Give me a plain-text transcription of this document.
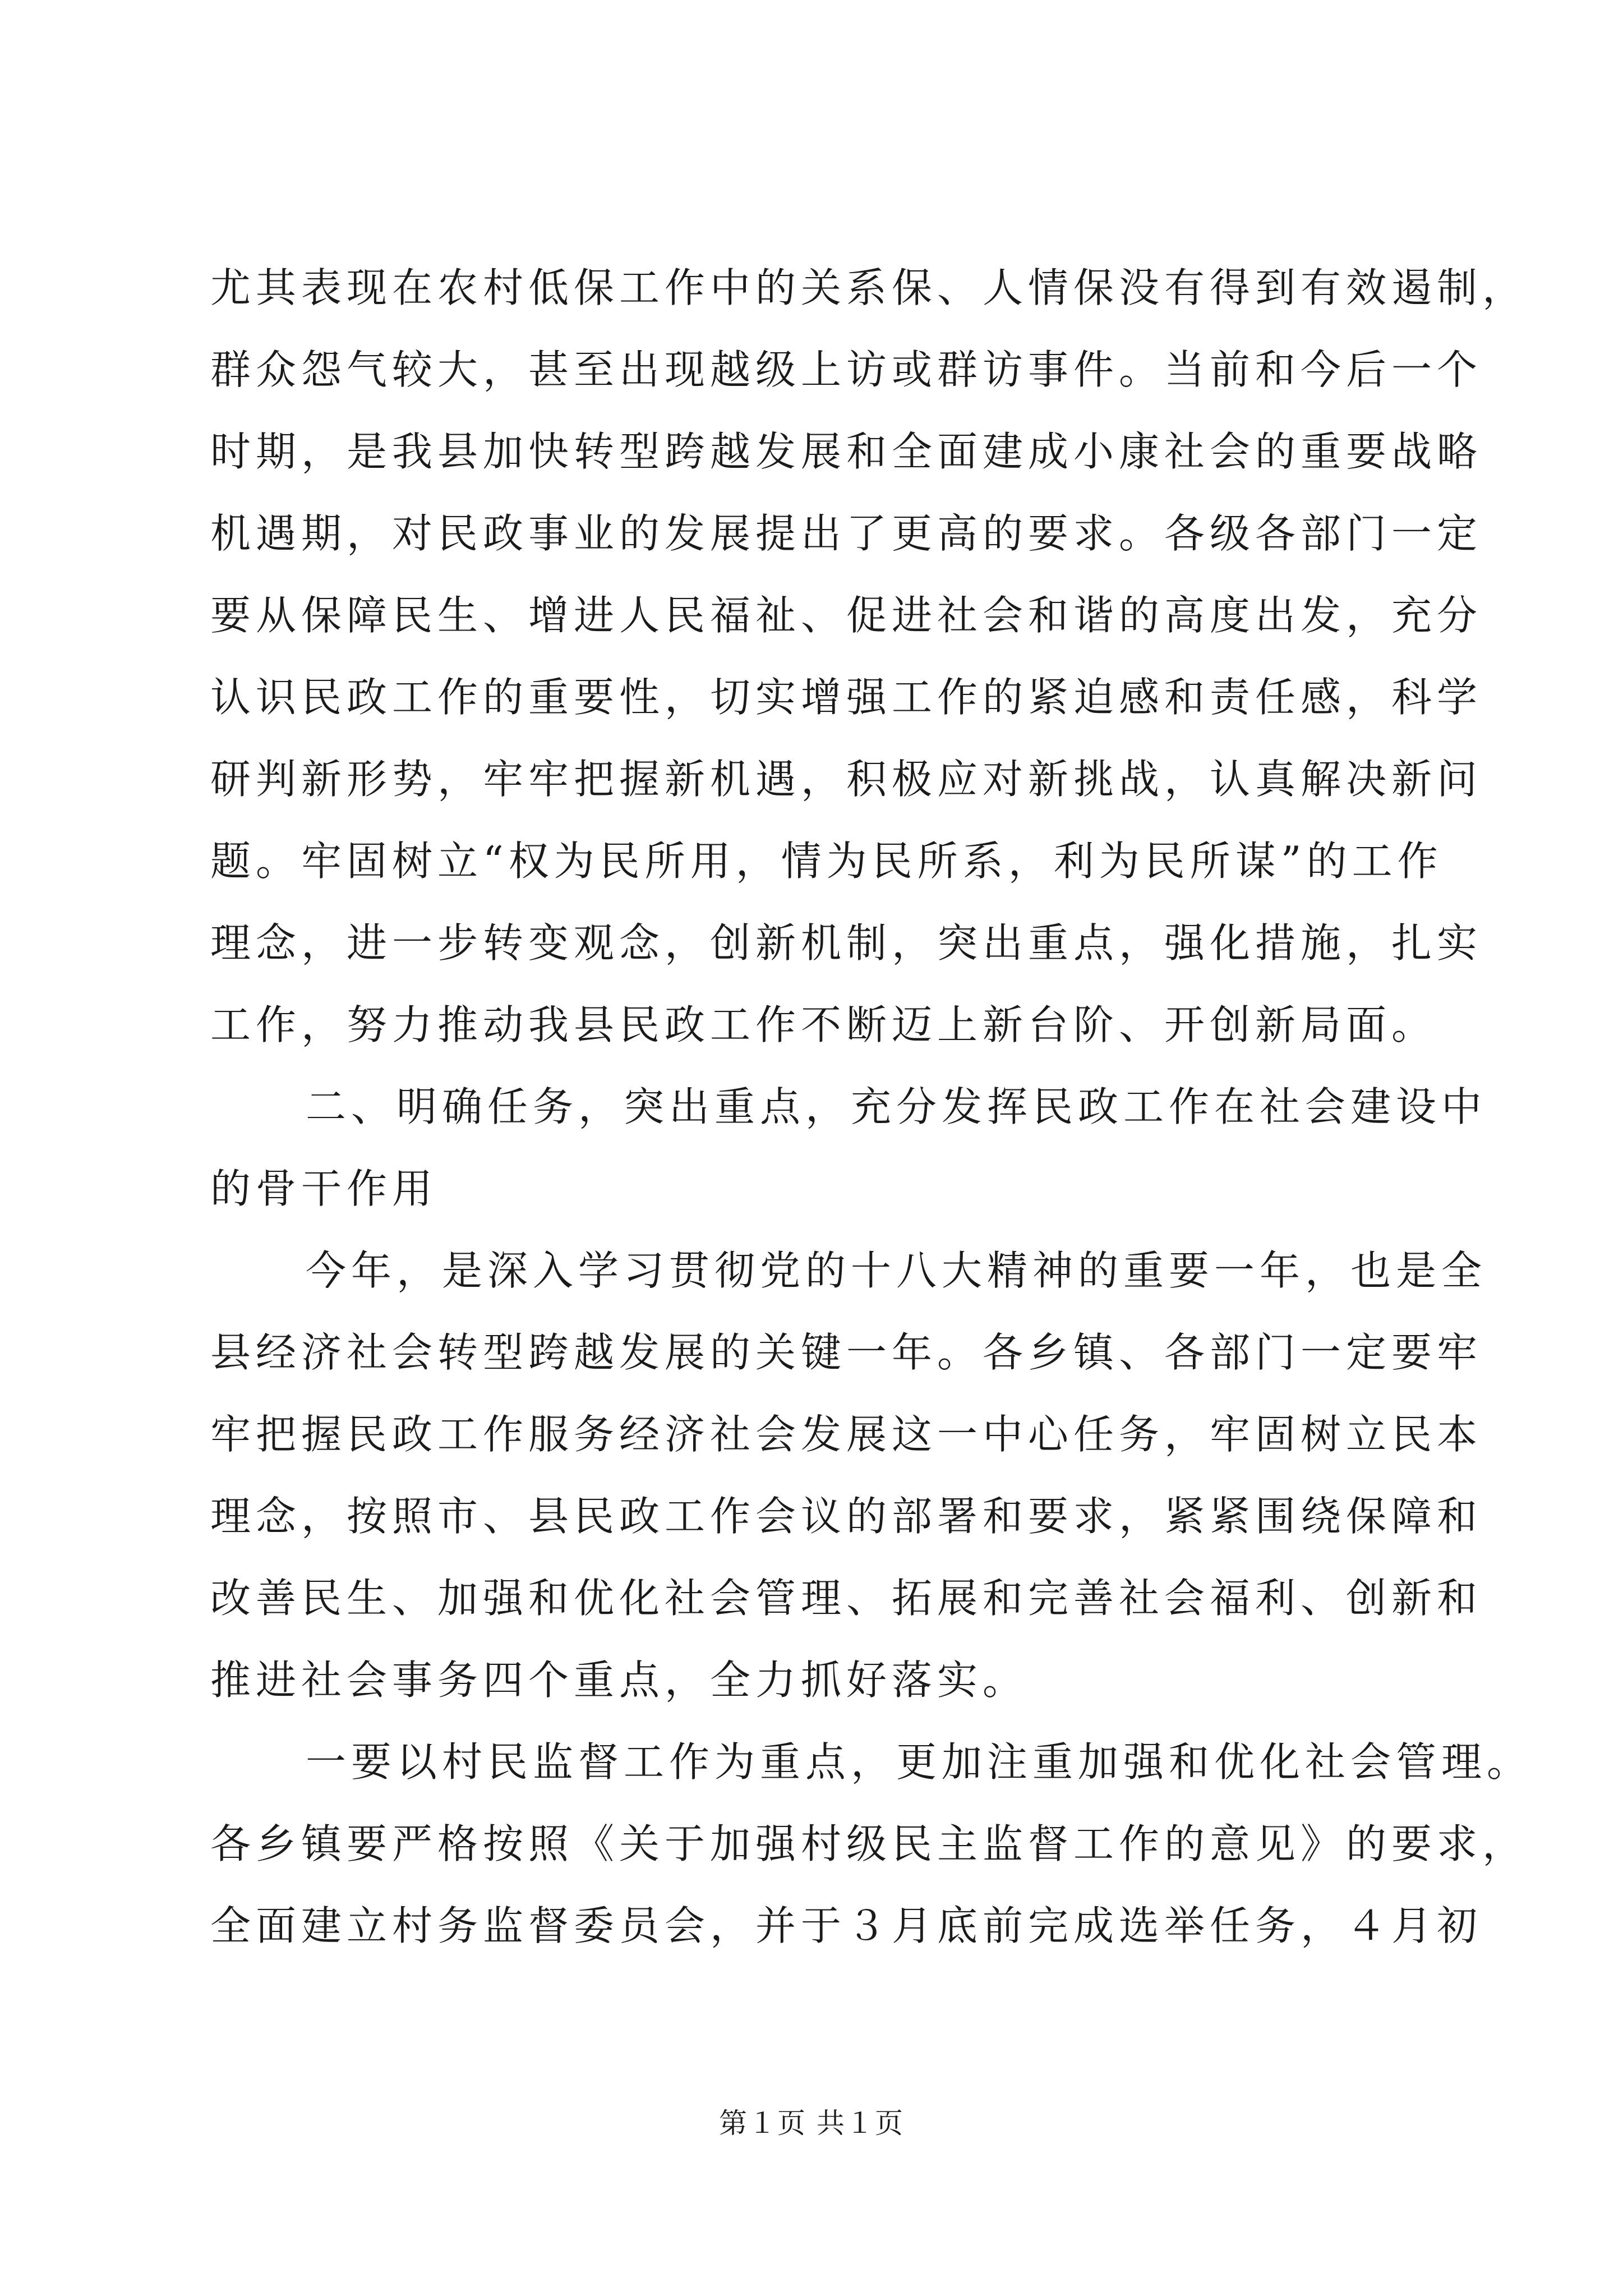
尤其表现在农村低保工作中的关系保、人情保没有得到有效遏制，
群众怨气较大，甚至出现越级上访或群访事件。当前和今后一个
时期，是我县加快转型跨越发展和全面建成小康社会的重要战略
机遇期，对民政事业的发展提出了更高的要求。各级各部门一定
要从保障民生、增进人民福祉、促进社会和谐的高度出发，充分
认识民政工作的重要性，切实增强工作的紧迫感和责任感，科学
研判新形势，牢牢把握新机遇，积极应对新挑战，认真解决新问
题。牢固树立“权为民所用，情为民所系，利为民所谋”的工作
理念，进一步转变观念，创新机制，突出重点，强化措施，扎实
工作，努力推动我县民政工作不断迈上新台阶、开创新局面。
二、明确任务，突出重点，充分发挥民政工作在社会建设中
的骨干作用
今年，是深入学习贯彻党的十八大精神的重要一年，也是全
县经济社会转型跨越发展的关键一年。各乡镇、各部门一定要牢
牢把握民政工作服务经济社会发展这一中心任务，牢固树立民本
理念，按照市、县民政工作会议的部署和要求，紧紧围绕保障和
改善民生、加强和优化社会管理、拓展和完善社会福利、创新和
推进社会事务四个重点，全力抓好落实。
一要以村民监督工作为重点，更加注重加强和优化社会管理。
各乡镇要严格按照《关于加强村级民主监督工作的意见》的要求，
全面建立村务监督委员会，并于３月底前完成选举任务，４月初
第１页 共１页
